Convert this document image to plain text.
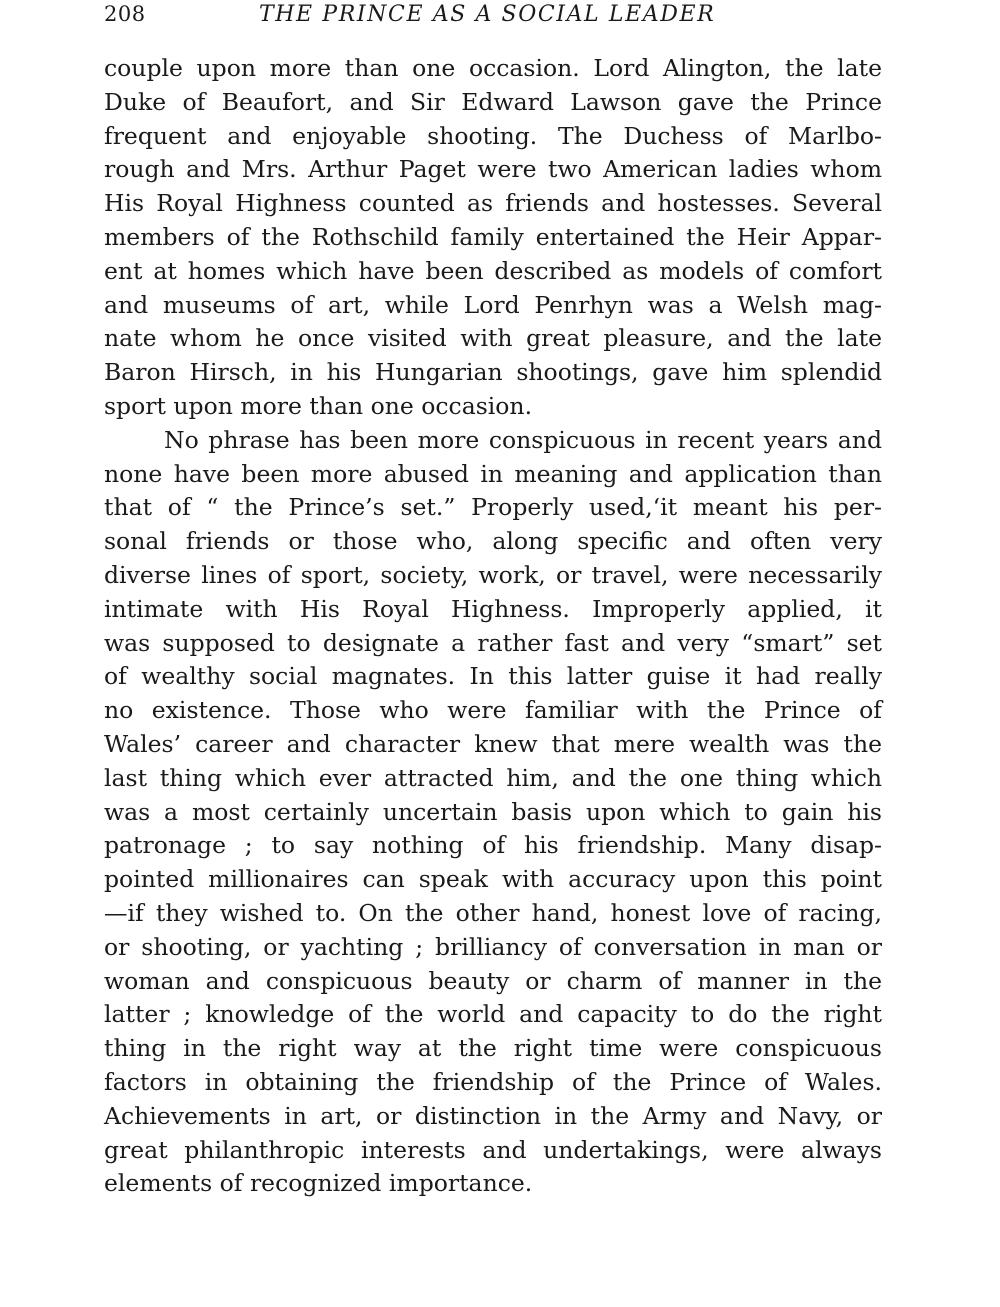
208	THE PRINCE AS A SOCIAL LEADER
couple upon more than one occasion. Lord Alington, the late
Duke of Beaufort, and Sir Edward Lawson gave the Prince
frequent and enjoyable shooting. The Duchess of Marlbo-
rough and Mrs. Arthur Paget were two American ladies whom
His Royal Highness counted as friends and hostesses. Several
members of the Rothschild family entertained the Heir Appar-
ent at homes which have been described as models of comfort
and museums of art, while Lord Penrhyn was a Welsh mag-
nate whom he once visited with great pleasure, and the late
Baron Hirsch, in his Hungarian shootings, gave him splendid
sport upon more than one occasion.
No phrase has been more conspicuous in recent years and
none have been more abused in meaning and application than
that of “ the Prince’s set.” Properly used,‘it meant his per-
sonal friends or those who, along specific and often very
diverse lines of sport, society, work, or travel, were necessarily
intimate with His Royal Highness. Improperly applied, it
was supposed to designate a rather fast and very “smart” set
of wealthy social magnates. In this latter guise it had really
no existence. Those who were familiar with the Prince of
Wales’ career and character knew that mere wealth was the
last thing which ever attracted him, and the one thing which
was a most certainly uncertain basis upon which to gain his
patronage ; to say nothing of his friendship. Many disap-
pointed millionaires can speak with accuracy upon this point
—if they wished to. On the other hand, honest love of racing,
or shooting, or yachting ; brilliancy of conversation in man or
woman and conspicuous beauty or charm of manner in the
latter ; knowledge of the world and capacity to do the right
thing in the right way at the right time were conspicuous
factors in obtaining the friendship of the Prince of Wales.
Achievements in art, or distinction in the Army and Navy, or
great philanthropic interests and undertakings, were always
elements of recognized importance.
